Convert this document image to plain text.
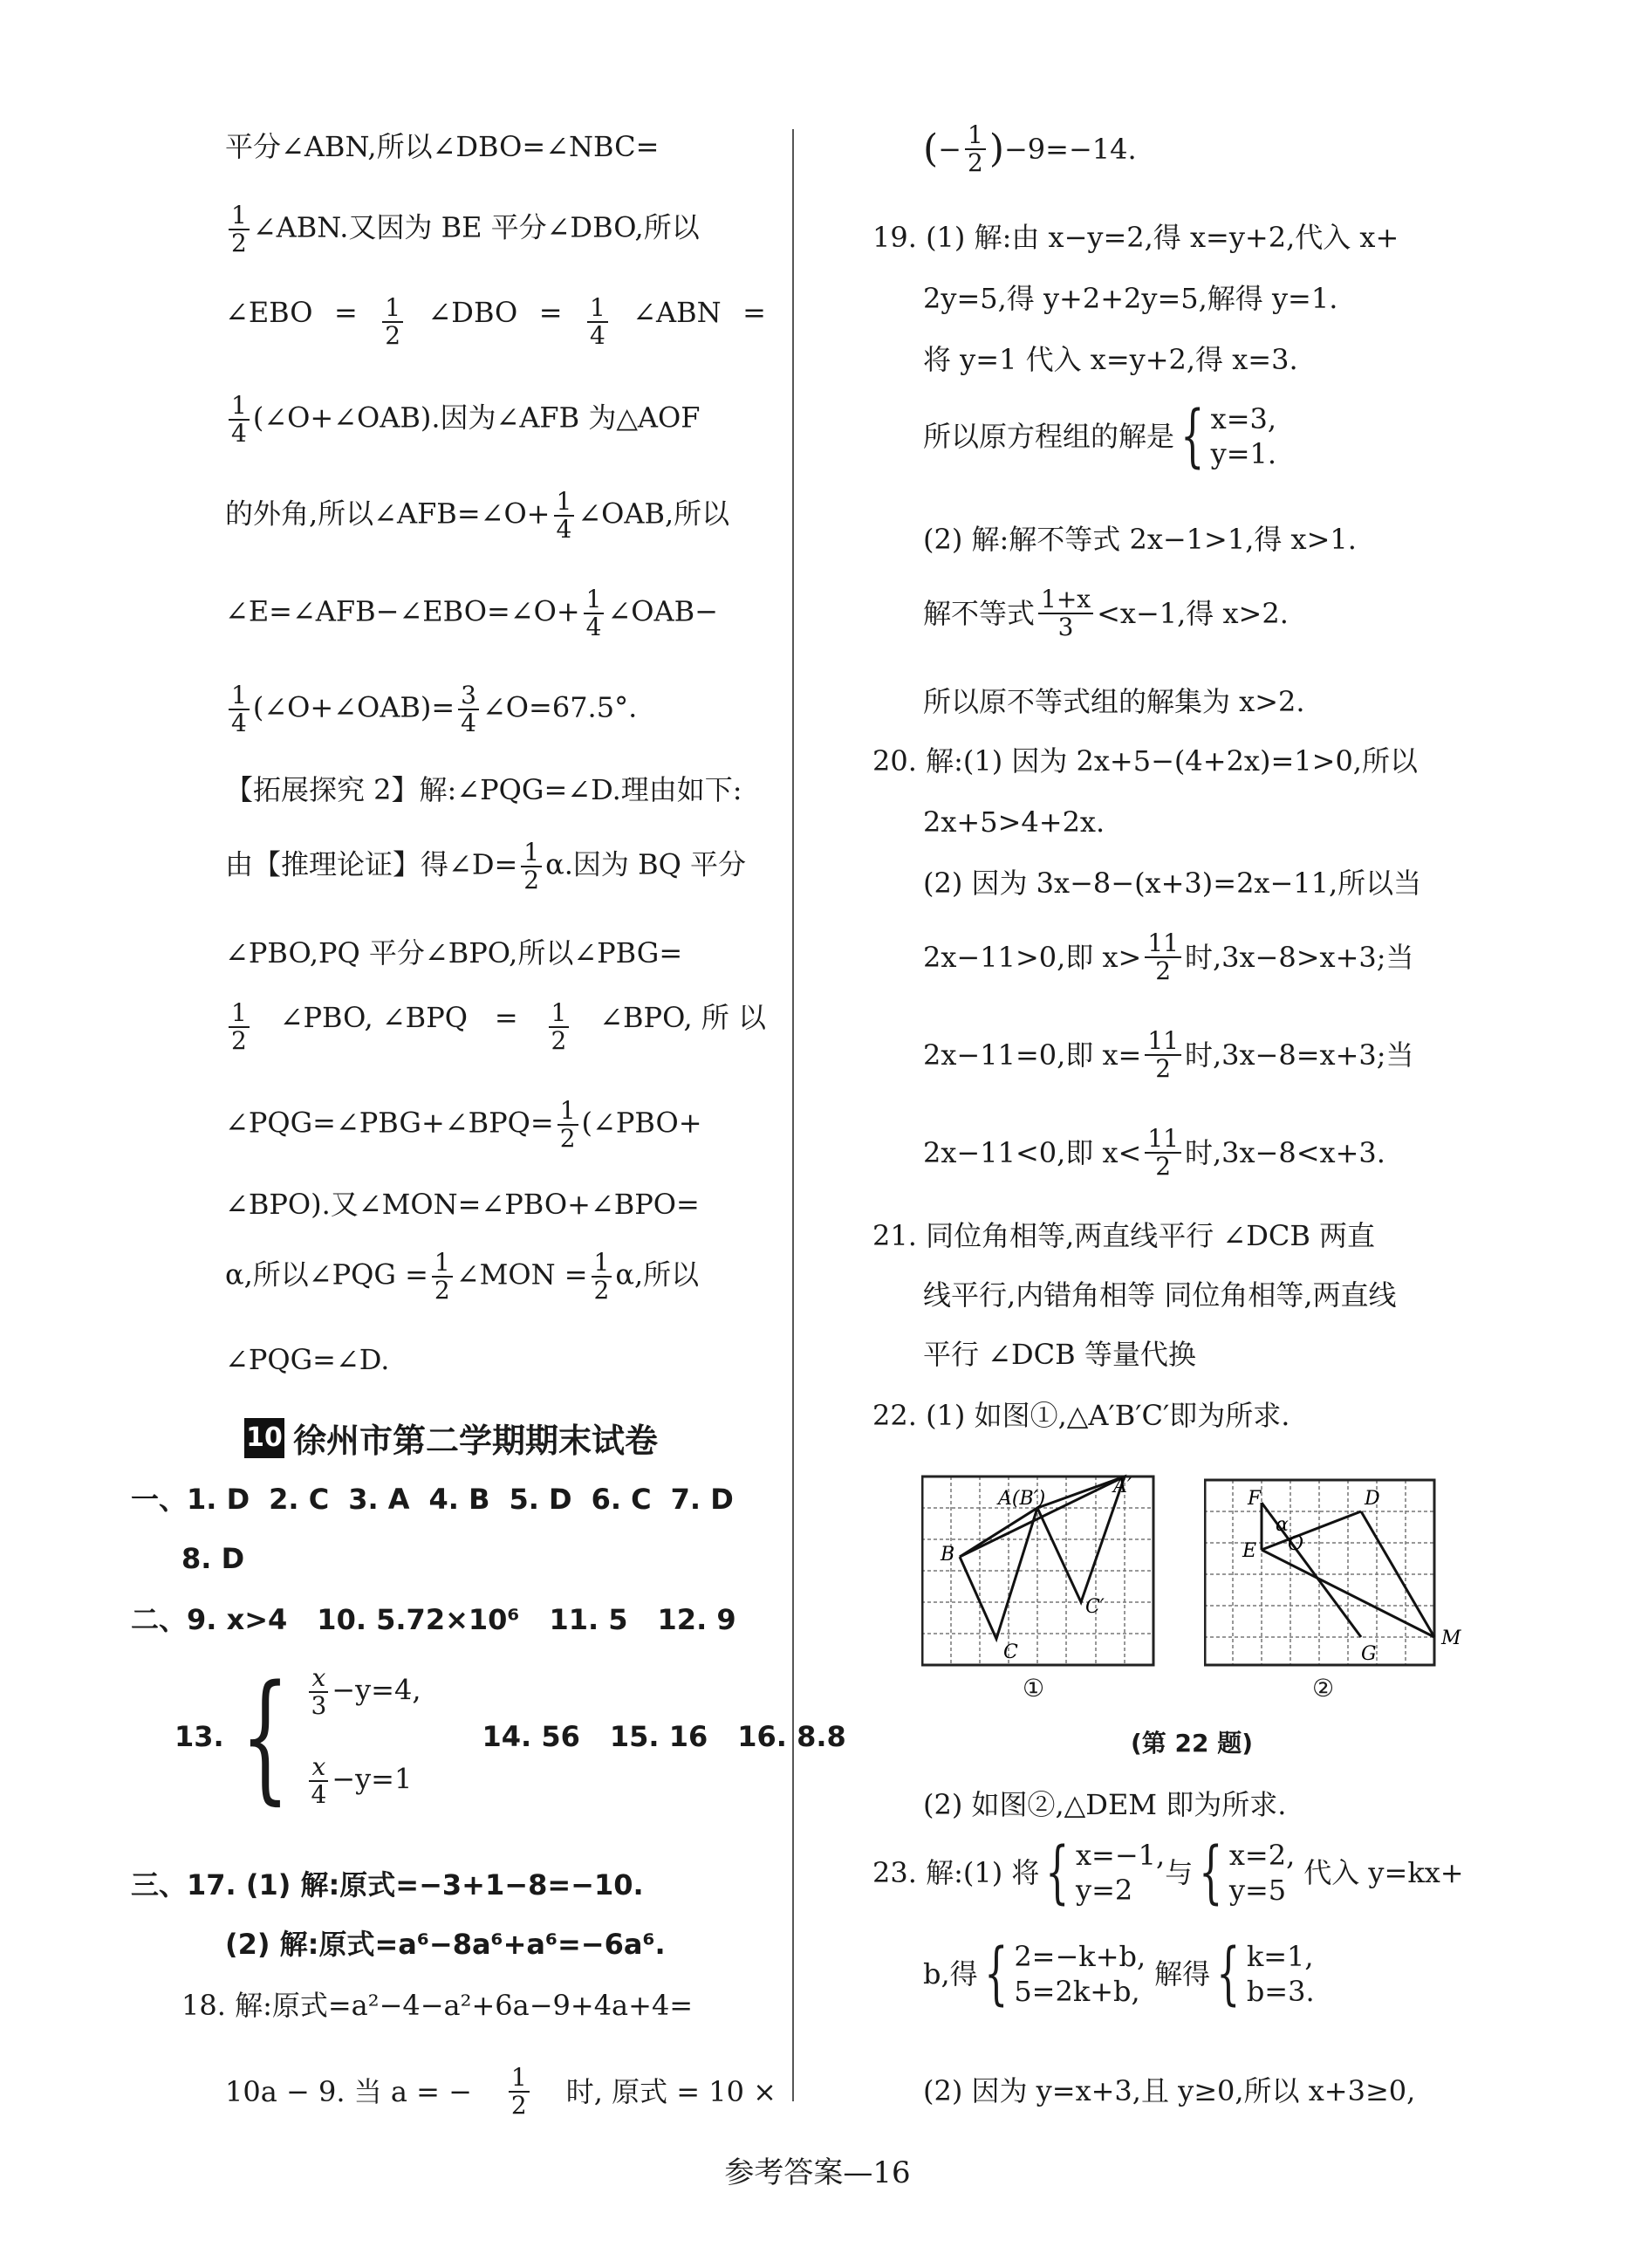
平分∠ABN,所以∠DBO=∠NBC=
$\frac{1}{2}$ ∠ABN.又因为 BE 平分∠DBO,所以
∠EBO = $\frac{1}{2}$ ∠DBO = $\frac{1}{4}$ ∠ABN =
$\frac{1}{4}$ (∠O+∠OAB).因为∠AFB 为△AOF
的外角,所以∠AFB=∠O+ $\frac{1}{4}$ ∠OAB,所以
∠E=∠AFB−∠EBO=∠O+ $\frac{1}{4}$ ∠OAB−
$\frac{1}{4}$ (∠O+∠OAB)= $\frac{3}{4}$ ∠O=67.5°.
【拓展探究 2】解:∠PQG=∠D.理由如下:
由【推理论证】得∠D= $\frac{1}{2} \alpha$.因为 BQ 平分
∠PBO,PQ 平分∠BPO,所以∠PBG=
$\frac{1}{2}$ ∠PBO, ∠BPQ = $\frac{1}{2}$ ∠BPO, 所 以
∠PQG=∠PBG+∠BPQ= $\frac{1}{2}$ (∠PBO+
∠BPO).又∠MON=∠PBO+∠BPO=
α,所以∠PQG = $\frac{1}{2}$ ∠MON = $\frac{1}{2} \alpha$,所以
∠PQG=∠D.
10 徐州市第二学期期末试卷
一、1. D 2. C 3. A 4. B 5. D 6. C 7. D
8. D
二、9. x>4 10. 5.72×10⁶ 11. 5 12. 9
13. { $\frac{x}{3} -y=4$,
$\frac{x}{4} -y=1$
14. 56 15. 16 16. 8.8
三、17. (1) 解:原式=−3+1−8=−10.
(2) 解:原式=a⁶−8a⁶+a⁶=−6a⁶.
18. 解:原式=a²−4−a²+6a−9+4a+4=
10a − 9. 当 a = − $\frac{1}{2}$ 时, 原式 = 10 ×
( − $\frac{1}{2}$ ) −9=−14.
19. (1) 解:由 x−y=2,得 x=y+2,代入 x+
2y=5,得 y+2+2y=5,解得 y=1.
将 y=1 代入 x=y+2,得 x=3.
所以原方程组的解是 { x=3,
y=1.
(2) 解:解不等式 2x−1>1,得 x>1.
解不等式 $\frac{1+x}{3} <x-1$,得 x>2.
所以原不等式组的解集为 x>2.
20. 解:(1) 因为 2x+5−(4+2x)=1>0,所以
2x+5>4+2x.
(2) 因为 3x−8−(x+3)=2x−11,所以当
2x−11>0,即 $x> \frac{11}{2}$ 时,3x−8>x+3;当
2x−11=0,即 $x= \frac{11}{2}$ 时,3x−8=x+3;当
2x−11<0,即 $x< \frac{11}{2}$ 时,3x−8<x+3.
21. 同位角相等,两直线平行 ∠DCB 两直
线平行,内错角相等 同位角相等,两直线
平行 ∠DCB 等量代换
22. (1) 如图①,△A′B′C′即为所求.
A′
A(B′)
B
C
C′
①
F	D
E
α
O
G
M
②
(第 22 题)
(2) 如图②,△DEM 即为所求.
23. 解:(1) 将 { x=−1,
y=2
与 { x=2,
y=5
代入 y=kx+
b,得 { 2=−k+b,
5=2k+b,
解得 { k=1,
b=3.
(2) 因为 y=x+3,且 y≥0,所以 x+3≥0,
参考答案—16
